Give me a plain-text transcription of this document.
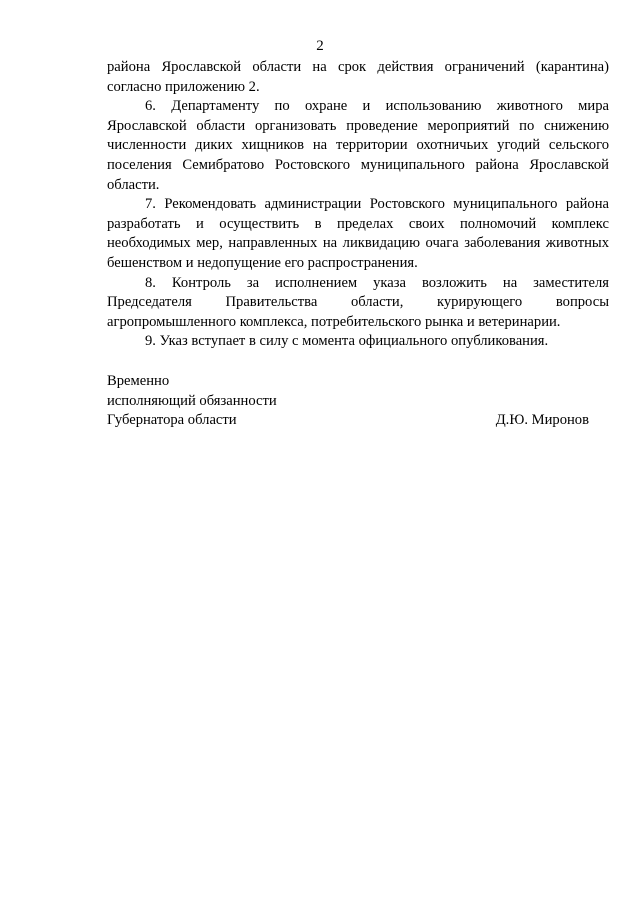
2

района Ярославской области на срок действия ограничений (карантина) согласно приложению 2.

6. Департаменту по охране и использованию животного мира Ярославской области организовать проведение мероприятий по снижению численности диких хищников на территории охотничьих угодий сельского поселения Семибратово Ростовского муниципального района Ярославской области.

7. Рекомендовать администрации Ростовского муниципального района разработать и осуществить в пределах своих полномочий комплекс необходимых мер, направленных на ликвидацию очага заболевания животных бешенством и недопущение его распространения.

8. Контроль за исполнением указа возложить на заместителя Председателя Правительства области, курирующего вопросы агропромышленного комплекса, потребительского рынка и ветеринарии.

9. Указ вступает в силу с момента официального опубликования.

Временно

исполняющий обязанности

Губернатора области	Д.Ю. Миронов
